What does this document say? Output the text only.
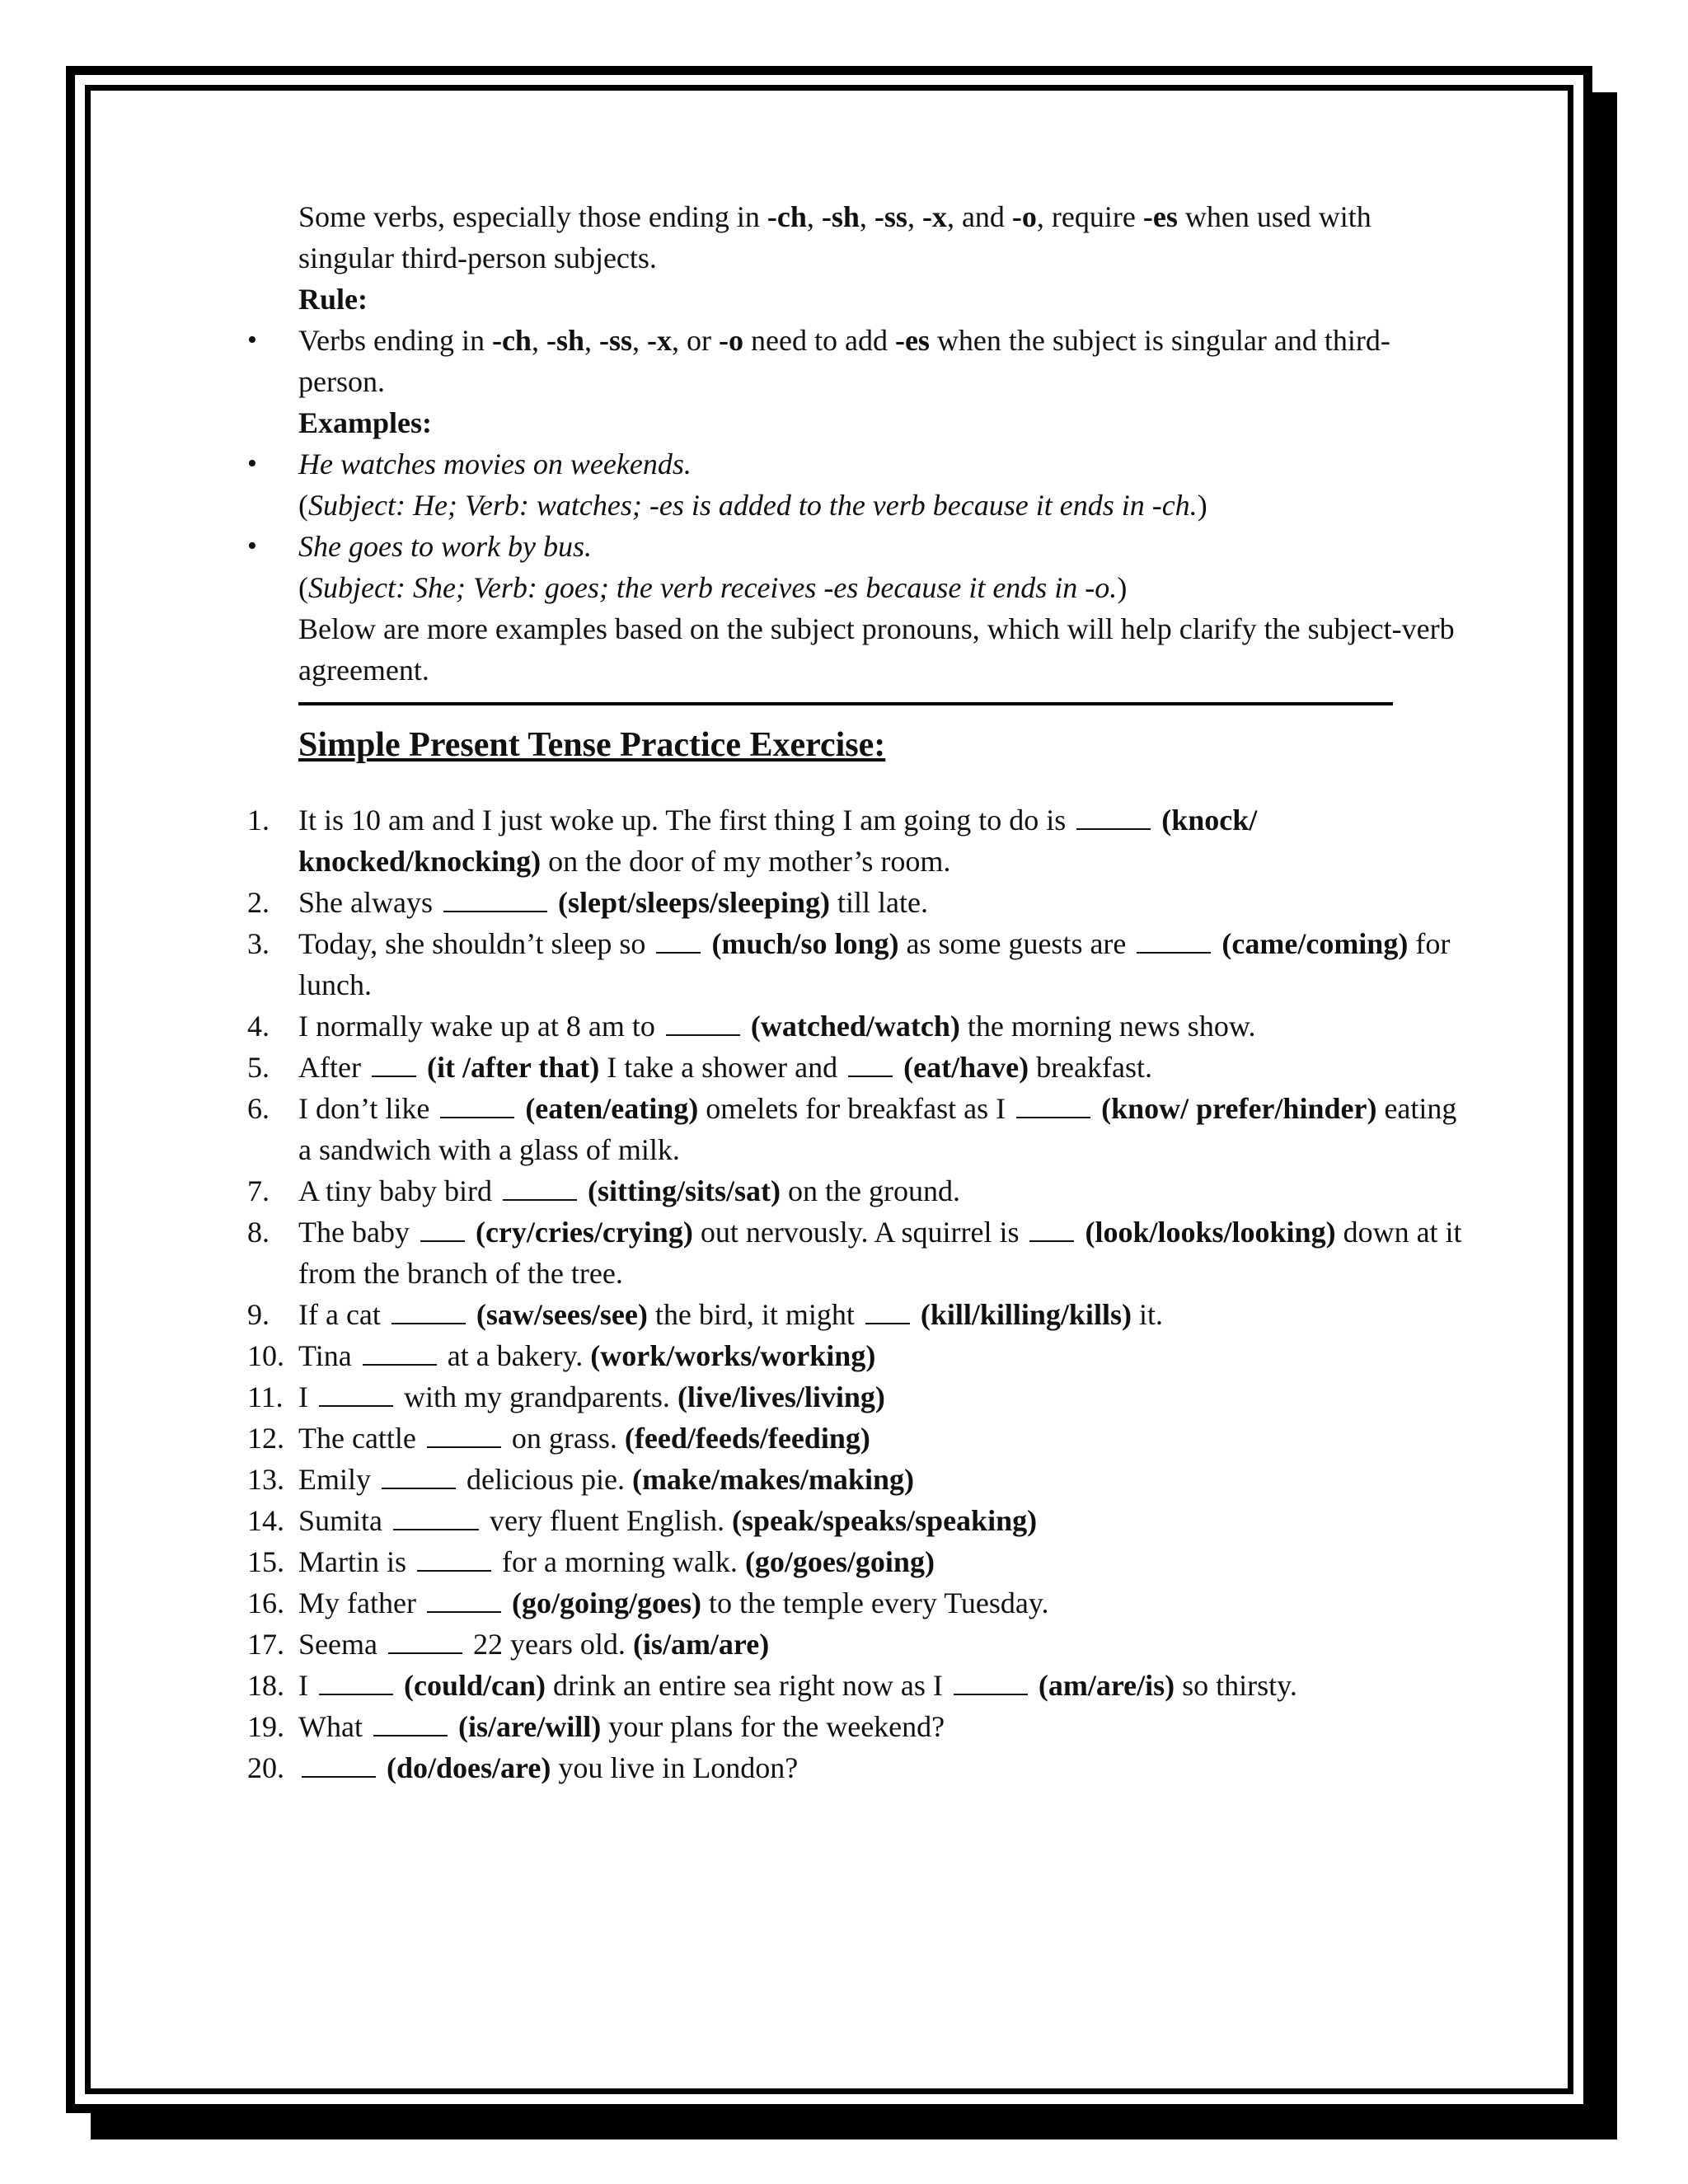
Some verbs, especially those ending in -ch, -sh, -ss, -x, and -o, require -es when used with singular third-person subjects.
Rule:
• Verbs ending in -ch, -sh, -ss, -x, or -o need to add -es when the subject is singular and third-person.
Examples:
• He watches movies on weekends.
(Subject: He; Verb: watches; -es is added to the verb because it ends in -ch.)
• She goes to work by bus.
(Subject: She; Verb: goes; the verb receives -es because it ends in -o.)
Below are more examples based on the subject pronouns, which will help clarify the subject-verb agreement.
Simple Present Tense Practice Exercise:
1. It is 10 am and I just woke up. The first thing I am going to do is	(knock/ knocked/knocking) on the door of my mother’s room.
2. She always	(slept/sleeps/sleeping) till late.
3. Today, she shouldn’t sleep so (much/so long) as some guests are	(came/coming) for lunch.
4. I normally wake up at 8 am to	(watched/watch) the morning news show.
5. After (it /after that) I take a shower and (eat/have) breakfast.
6. I don’t like	(eaten/eating) omelets for breakfast as I	(know/ prefer/hinder) eating a sandwich with a glass of milk.
7. A tiny baby bird	(sitting/sits/sat) on the ground.
8. The baby (cry/cries/crying) out nervously. A squirrel is (look/looks/looking) down at it from the branch of the tree.
9. If a cat	(saw/sees/see) the bird, it might (kill/killing/kills) it.
10. Tina	at a bakery. (work/works/working)
11. I	with my grandparents. (live/lives/living)
12. The cattle	on grass. (feed/feeds/feeding)
13. Emily	delicious pie. (make/makes/making)
14. Sumita	very fluent English. (speak/speaks/speaking)
15. Martin is	for a morning walk. (go/goes/going)
16. My father	(go/going/goes) to the temple every Tuesday.
17. Seema	22 years old. (is/am/are)
18. I	(could/can) drink an entire sea right now as I	(am/are/is) so thirsty.
19. What	(is/are/will) your plans for the weekend?
20.	(do/does/are) you live in London?
